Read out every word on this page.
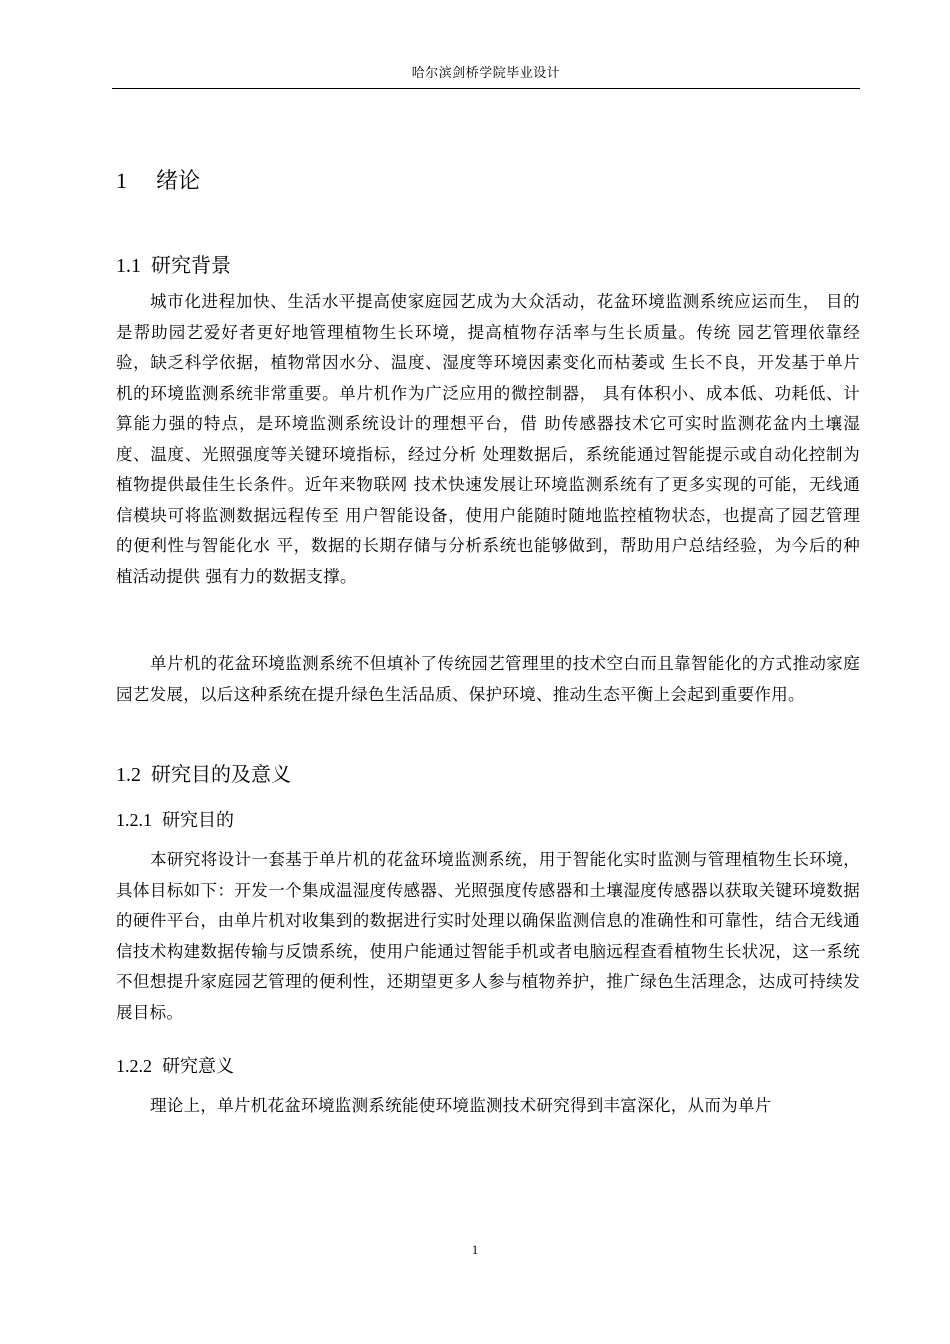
哈尔滨剑桥学院毕业设计
1 绪论
1.1 研究背景

城市化进程加快、生活水平提高使家庭园艺成为大众活动，花盆环境监测系统应运而生， 目的是帮助园艺爱好者更好地管理植物生长环境，提高植物存活率与生长质量。传统 园艺管理依靠经验，缺乏科学依据，植物常因水分、温度、湿度等环境因素变化而枯萎或 生长不良，开发基于单片机的环境监测系统非常重要。单片机作为广泛应用的微控制器， 具有体积小、成本低、功耗低、计算能力强的特点，是环境监测系统设计的理想平台，借 助传感器技术它可实时监测花盆内土壤湿度、温度、光照强度等关键环境指标，经过分析 处理数据后，系统能通过智能提示或自动化控制为植物提供最佳生长条件。近年来物联网 技术快速发展让环境监测系统有了更多实现的可能，无线通信模块可将监测数据远程传至 用户智能设备，使用户能随时随地监控植物状态，也提高了园艺管理的便利性与智能化水 平，数据的长期存储与分析系统也能够做到，帮助用户总结经验，为今后的种植活动提供 强有力的数据支撑。

单片机的花盆环境监测系统不但填补了传统园艺管理里的技术空白而且靠智能化的方式推动家庭园艺发展，以后这种系统在提升绿色生活品质、保护环境、推动生态平衡上会起到重要作用。

1.2 研究目的及意义
1.2.1 研究目的

本研究将设计一套基于单片机的花盆环境监测系统，用于智能化实时监测与管理植物生长环境，具体目标如下：开发一个集成温湿度传感器、光照强度传感器和土壤湿度传感器以获取关键环境数据的硬件平台，由单片机对收集到的数据进行实时处理以确保监测信息的准确性和可靠性，结合无线通信技术构建数据传输与反馈系统，使用户能通过智能手机或者电脑远程查看植物生长状况，这一系统不但想提升家庭园艺管理的便利性，还期望更多人参与植物养护，推广绿色生活理念，达成可持续发展目标。

1.2.2 研究意义

理论上，单片机花盆环境监测系统能使环境监测技术研究得到丰富深化，从而为单片

1
